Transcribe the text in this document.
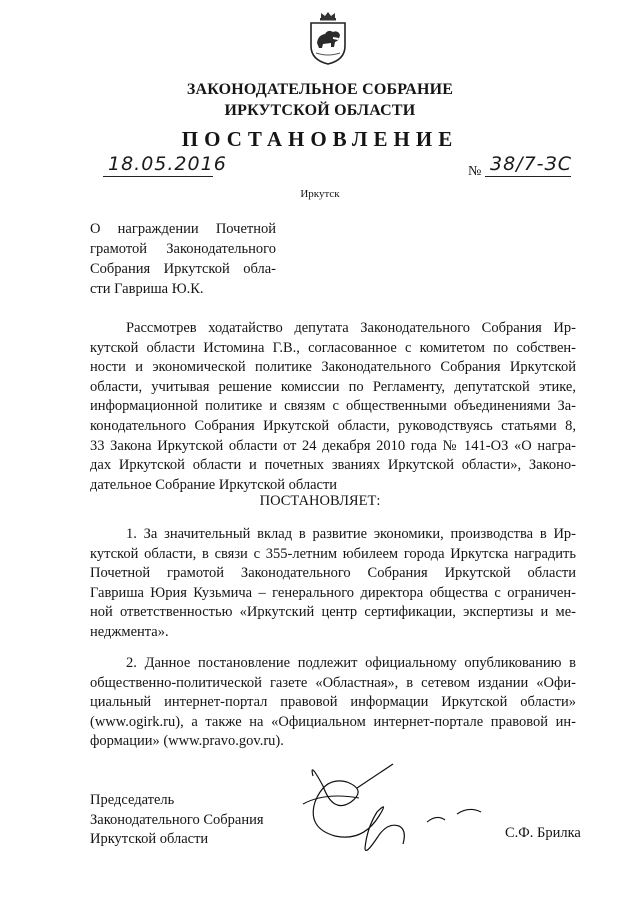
ЗАКОНОДАТЕЛЬНОЕ СОБРАНИЕ
ИРКУТСКОЙ ОБЛАСТИ
ПОСТАНОВЛЕНИЕ
18.05.2016	№ 38/7-ЗС
Иркутск
О награждении Почетной
грамотой Законодательного
Собрания Иркутской обла-
сти Гавриша Ю.К.
Рассмотрев ходатайство депутата Законодательного Собрания Ир-
кутской области Истомина Г.В., согласованное с комитетом по собствен-
ности и экономической политике Законодательного Собрания Иркутской
области, учитывая решение комиссии по Регламенту, депутатской этике,
информационной политике и связям с общественными объединениями За-
конодательного Собрания Иркутской области, руководствуясь статьями 8,
33 Закона Иркутской области от 24 декабря 2010 года № 141-ОЗ «О награ-
дах Иркутской области и почетных званиях Иркутской области», Законо-
дательное Собрание Иркутской области
ПОСТАНОВЛЯЕТ:
1. За значительный вклад в развитие экономики, производства в Ир-
кутской области, в связи с 355-летним юбилеем города Иркутска наградить
Почетной грамотой Законодательного Собрания Иркутской области
Гавриша Юрия Кузьмича – генерального директора общества с ограничен-
ной ответственностью «Иркутский центр сертификации, экспертизы и ме-
неджмента».
2. Данное постановление подлежит официальному опубликованию в
общественно-политической газете «Областная», в сетевом издании «Офи-
циальный интернет-портал правовой информации Иркутской области»
(www.ogirk.ru), а также на «Официальном интернет-портале правовой ин-
формации» (www.pravo.gov.ru).
Председатель
Законодательного Собрания
Иркутской области	С.Ф. Брилка
